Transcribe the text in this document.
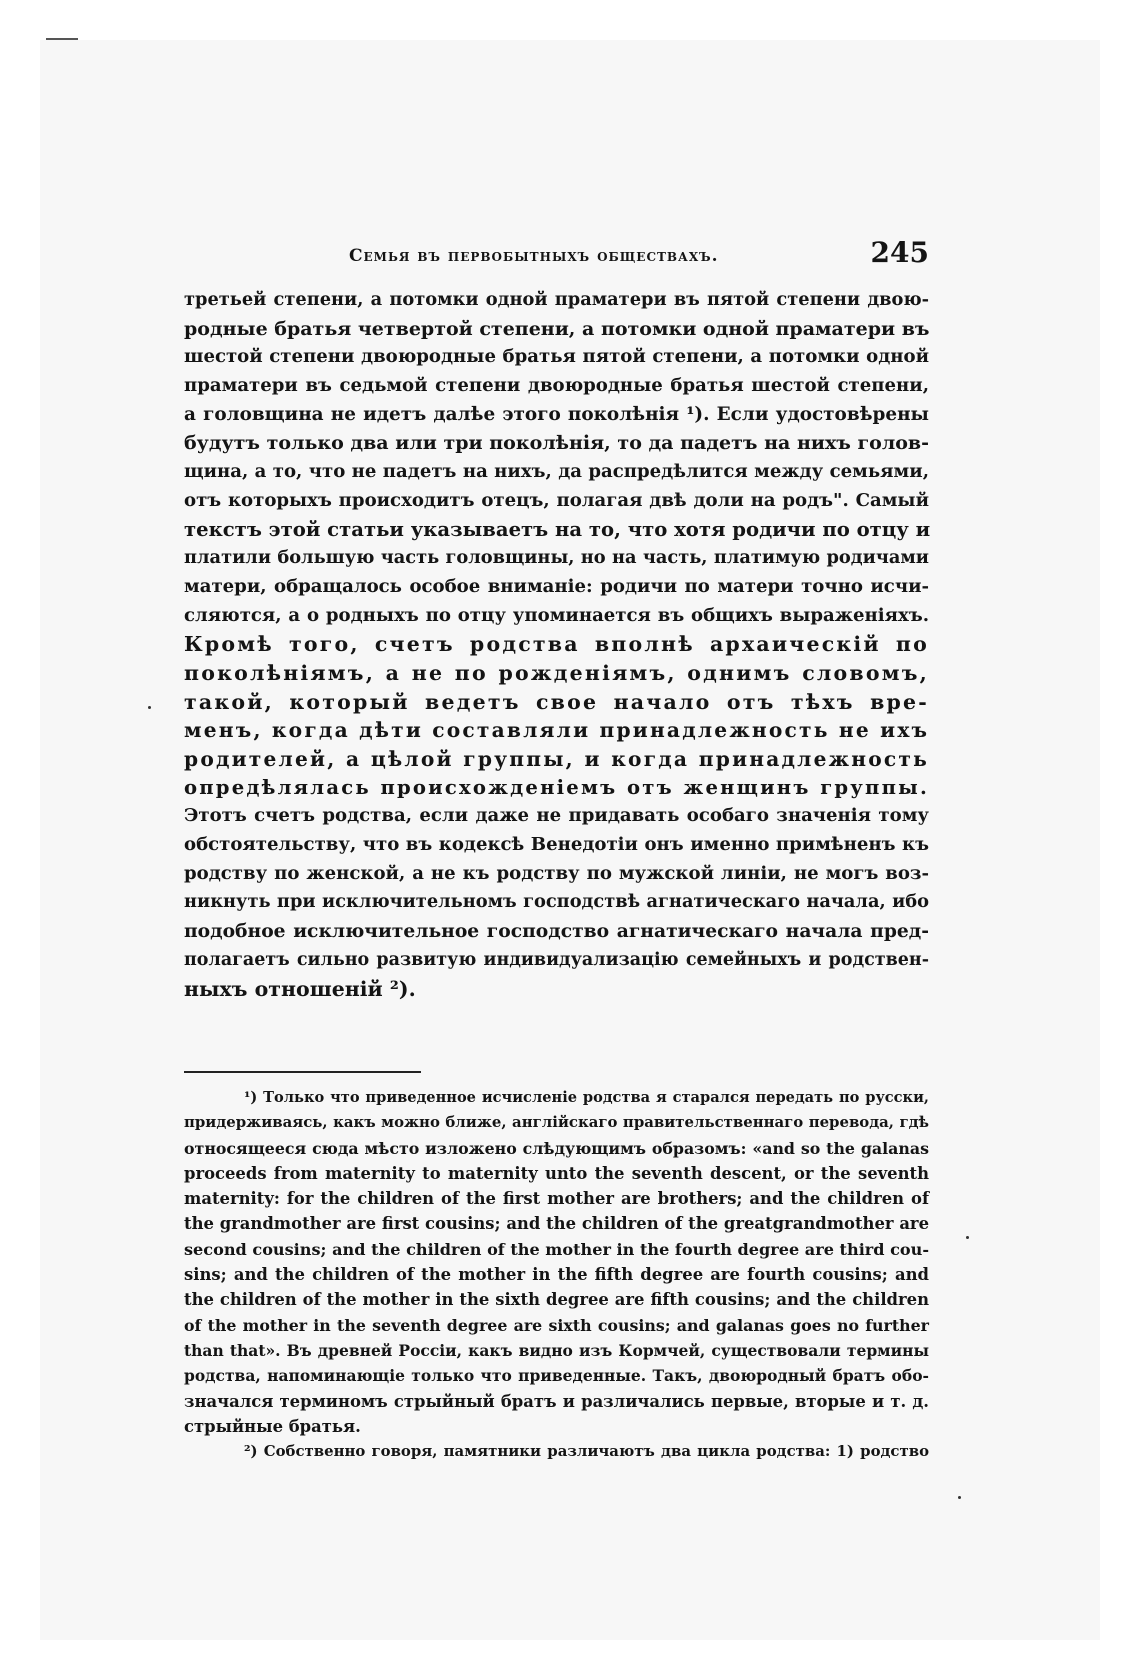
Семья въ первобытныхъ обществахъ.	245
третьей степени, а потомки одной праматери въ пятой степени двою-
родные братья четвертой степени, а потомки одной праматери въ
шестой степени двоюродные братья пятой степени, а потомки одной
праматери въ седьмой степени двоюродные братья шестой степени,
а головщина не идетъ далѣе этого поколѣнія ¹). Если удостовѣрены
будутъ только два или три поколѣнія, то да падетъ на нихъ голов-
щина, а то, что не падетъ на нихъ, да распредѣлится между семьями,
отъ которыхъ происходитъ отецъ, полагая двѣ доли на родъ". Самый
текстъ этой статьи указываетъ на то, что хотя родичи по отцу и
платили большую часть головщины, но на часть, платимую родичами
матери, обращалось особое вниманіе: родичи по матери точно исчи-
сляются, а о родныхъ по отцу упоминается въ общихъ выраженіяхъ.
Кромѣ того, счетъ родства вполнѣ архаическій по
поколѣніямъ, а не по рожденіямъ, однимъ словомъ,
такой, который ведетъ свое начало отъ тѣхъ вре-
менъ, когда дѣти составляли принадлежность не ихъ
родителей, а цѣлой группы, и когда принадлежность
опредѣлялась происхожденіемъ отъ женщинъ группы.
Этотъ счетъ родства, если даже не придавать особаго значенія тому
обстоятельству, что въ кодексѣ Венедотіи онъ именно примѣненъ къ
родству по женской, а не къ родству по мужской линіи, не могъ воз-
никнуть при исключительномъ господствѣ агнатическаго начала, ибо
подобное исключительное господство агнатическаго начала пред-
полагаетъ сильно развитую индивидуализацію семейныхъ и родствен-
ныхъ отношеній ²).
¹) Только что приведенное исчисленіе родства я старался передать по русски,
придерживаясь, какъ можно ближе, англійскаго правительственнаго перевода, гдѣ
относящееся сюда мѣсто изложено слѣдующимъ образомъ: «and so the galanas
proceeds from maternity to maternity unto the seventh descent, or the seventh
maternity: for the children of the first mother are brothers; and the children of
the grandmother are first cousins; and the children of the greatgrandmother are
second cousins; and the children of the mother in the fourth degree are third cou-
sins; and the children of the mother in the fifth degree are fourth cousins; and
the children of the mother in the sixth degree are fifth cousins; and the children
of the mother in the seventh degree are sixth cousins; and galanas goes no further
than that». Въ древней Россіи, какъ видно изъ Кормчей, существовали термины
родства, напоминающіе только что приведенные. Такъ, двоюродный братъ обо-
значался терминомъ стрыйный братъ и различались первые, вторые и т. д.
стрыйные братья.
²) Собственно говоря, памятники различаютъ два цикла родства: 1) родство
